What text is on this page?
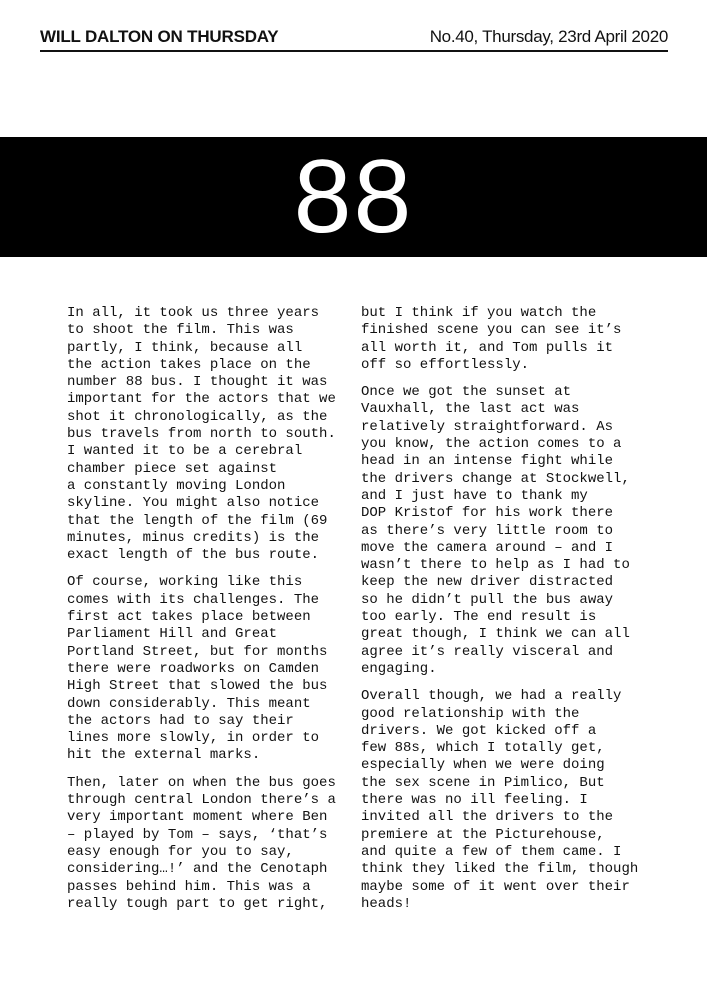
WILL DALTON ON THURSDAY	No.40, Thursday, 23rd April 2020
88

In all, it took us three years
to shoot the film. This was
partly, I think, because all
the action takes place on the
number 88 bus. I thought it was
important for the actors that we
shot it chronologically, as the
bus travels from north to south.
I wanted it to be a cerebral
chamber piece set against
a constantly moving London
skyline. You might also notice
that the length of the film (69
minutes, minus credits) is the
exact length of the bus route.

Of course, working like this
comes with its challenges. The
first act takes place between
Parliament Hill and Great
Portland Street, but for months
there were roadworks on Camden
High Street that slowed the bus
down considerably. This meant
the actors had to say their
lines more slowly, in order to
hit the external marks.

Then, later on when the bus goes
through central London there’s a
very important moment where Ben
– played by Tom – says, ‘that’s
easy enough for you to say,
considering…!’ and the Cenotaph
passes behind him. This was a
really tough part to get right,

but I think if you watch the
finished scene you can see it’s
all worth it, and Tom pulls it
off so effortlessly.

Once we got the sunset at
Vauxhall, the last act was
relatively straightforward. As
you know, the action comes to a
head in an intense fight while
the drivers change at Stockwell,
and I just have to thank my
DOP Kristof for his work there
as there’s very little room to
move the camera around – and I
wasn’t there to help as I had to
keep the new driver distracted
so he didn’t pull the bus away
too early. The end result is
great though, I think we can all
agree it’s really visceral and
engaging.

Overall though, we had a really
good relationship with the
drivers. We got kicked off a
few 88s, which I totally get,
especially when we were doing
the sex scene in Pimlico, But
there was no ill feeling. I
invited all the drivers to the
premiere at the Picturehouse,
and quite a few of them came. I
think they liked the film, though
maybe some of it went over their
heads!
